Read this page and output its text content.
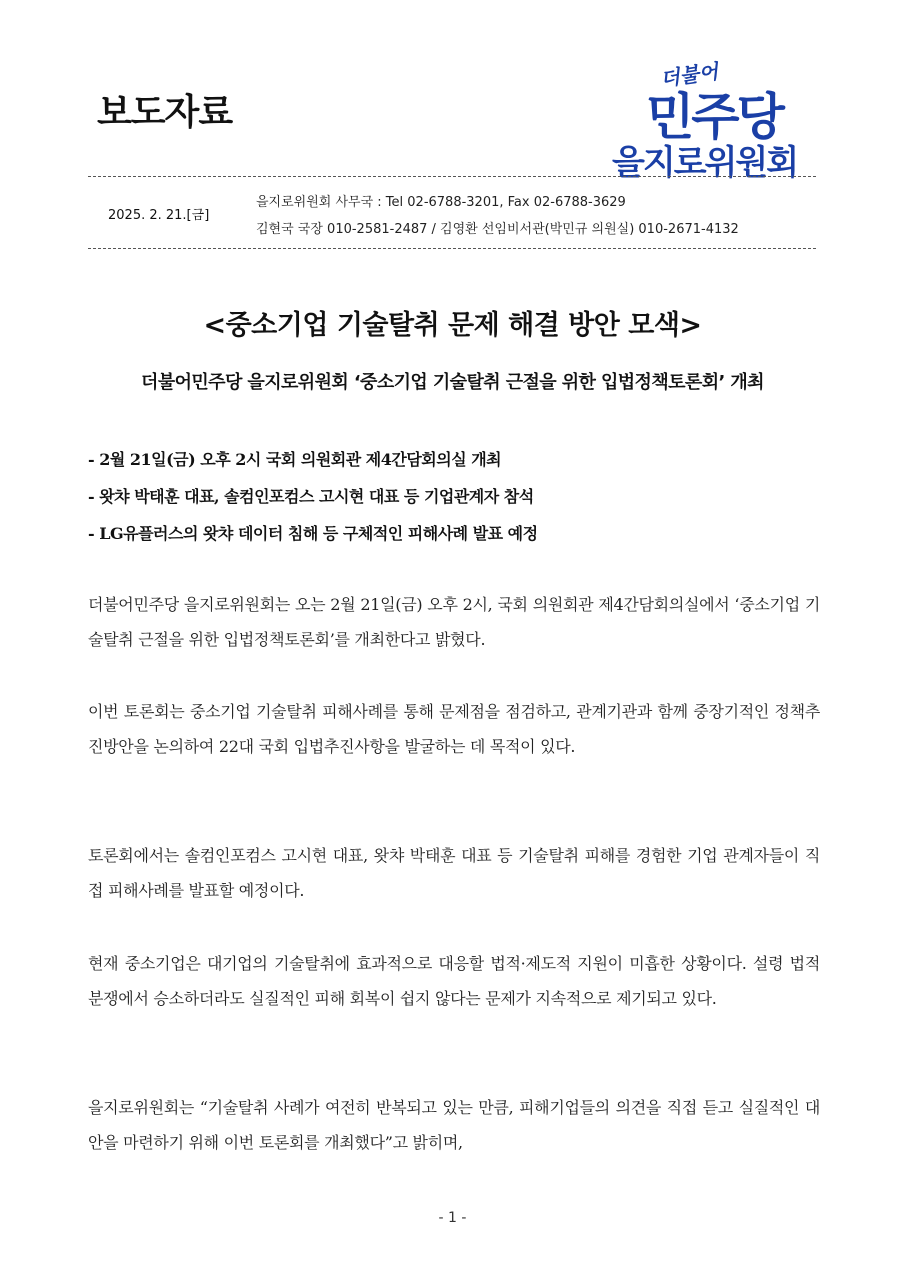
보도자료
더불어
민주당
을지로위원회
2025. 2. 21.[금]
을지로위원회 사무국 : Tel 02-6788-3201, Fax 02-6788-3629
김현국 국장 010-2581-2487 / 김영환 선임비서관(박민규 의원실) 010-2671-4132
<중소기업 기술탈취 문제 해결 방안 모색>
더불어민주당 을지로위원회 ‘중소기업 기술탈취 근절을 위한 입법정책토론회’ 개최
- 2월 21일(금) 오후 2시 국회 의원회관 제4간담회의실 개최
- 왓챠 박태훈 대표, 솔컴인포컴스 고시현 대표 등 기업관계자 참석
- LG유플러스의 왓챠 데이터 침해 등 구체적인 피해사례 발표 예정
더불어민주당 을지로위원회는 오는 2월 21일(금) 오후 2시, 국회 의원회관 제4간담회의실에서 ‘중소기업 기술탈취 근절을 위한 입법정책토론회’를 개최한다고 밝혔다.
이번 토론회는 중소기업 기술탈취 피해사례를 통해 문제점을 점검하고, 관계기관과 함께 중장기적인 정책추진방안을 논의하여 22대 국회 입법추진사항을 발굴하는 데 목적이 있다.
토론회에서는 솔컴인포컴스 고시현 대표, 왓챠 박태훈 대표 등 기술탈취 피해를 경험한 기업 관계자들이 직접 피해사례를 발표할 예정이다.
현재 중소기업은 대기업의 기술탈취에 효과적으로 대응할 법적·제도적 지원이 미흡한 상황이다. 설령 법적 분쟁에서 승소하더라도 실질적인 피해 회복이 쉽지 않다는 문제가 지속적으로 제기되고 있다.
을지로위원회는 “기술탈취 사례가 여전히 반복되고 있는 만큼, 피해기업들의 의견을 직접 듣고 실질적인 대안을 마련하기 위해 이번 토론회를 개최했다”고 밝히며,
- 1 -
